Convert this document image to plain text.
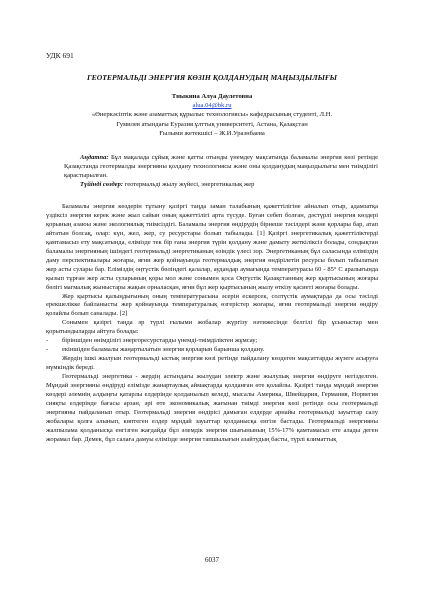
УДК 691
ГЕОТЕРМАЛЬДІ ЭНЕРГИЯ КӨЗІН ҚОЛДАНУДЫҢ МАҢЫЗДЫЛЫҒЫ
Тныкина Алуа Даулетовна
alua.04@bk.ru
«Өнеркәсіптік және азаматтық құрылыс технологиясы» кафедрасының студенті, Л.Н.
Гумилев атындағы Еуразия ұлттық университеті, Астана, Қазақстан
Ғылыми жетекшісі – Ж.И.Уразнбаева
Аңдатпа: Бұл мақалада сұйық және қатты отынды үнемдеу мақсатында баламалы энергия көзі ретінде Қазақстанда геотермалды энергияны қолдану технологиясы және оны қолданудың маңыздылығы мен тиімділігі қарастырылған.
Түйінді сөздер: геотермальді жылу жүйесі, энергетикалық жер

Баламалы энергия көздерін тұтыну қазіргі таңда заман талабының қажеттілігіне айналып отыр, адамзатқа үздіксіз энергия керек және жыл сайын оның қажеттілігі арта түсуде. Буған себеп болған, дәстүрлі энергия көздері қорының азаюы және экологиялық тиімсіздігі. Баламалы энергия өндірудің бірнеше тәсілдері және қорлары бар, атап айтатын болсақ, олар: күн, жел, жер, су ресурстары болып табылады. [1] Қазіргі энергетикалық қажеттіліктерді қамтамасыз ету мақсатында, елімізде тек бір ғана энергия түрін қолдану және дамыту жеткіліксіз болады, сондықтан баламалы энергияның ішіндегі геотермальді энергетиканың өзіндік үлесі зор. Энергетиканың бұл саласында еліміздің даму перспективалары жоғары, яғни жер қойнауында геотермалдық энергия өндірілетін ресурсы болып табылатын жер асты сулары бар. Еліміздің оңтүстік бөліндегі қалалар, аудандар аумағында температурасы 60 - 85° С аралығында қызып тұрған жер асты суларының қоры мол және сонымен қоса Оңтүстік Қазақстанның жер қыртысының жоғары бөлігі магмалық жыныстары жақын орналасқан, яғни бұл жер қыртысының жылу өткізу қасиеті жоғары болады.

Жер қыртысы қалыңдығының оның температурасына әсерін ескерсек, солтүстік аумақтарда да осы тәсілді ерекшелікке байланысты жер қойнауында температуралық өзгерістер жоғары, яғни геотермальді энергия өндіру қолайлы болып саналады. [2]

Сонымен қазіргі таңда әр түрлі ғылыми жобалар жүргізу нәтижесінде белгілі бір ұсыныстар мен қорытындыларды айтуға болады:

- біріншіден өнімділігі энергоресурстарды үнемді-тиімділіктен жұмсау;
- екіншіден баламалы жаңартылатын энергия қорларын барынша қолдану.

Жердің ішкі жылуын геотермальді ыстық энергия көзі ретінде пайдалану көздеген мақсаттарды жүзеге асыруға мүмкіндік береді.

Геотермальді энергетика - жердің астындағы жылудан электр және жылулық энергия өндіруге негізделген. Мұндай энергияны өндіруді елімізде жанартаулық аймақтарда қолданған өте қолайлы. Қазіргі таңда мұндай энергия көздері әлемнің алдыңғы қатарлы елдерінде қолданылып келеді, мысалы Америка, Швейцария, Германия, Норвегия сияқты елдерінде бағасы арзан, әрі өте экономикалық жағынан тиімді энергия көзі ретінде осы геотермальді энергияны пайдаланып отыр. Геотермальді энергия өндірісі дамыған елдерде арнайы геотермальді зауыттар салу жобалары қолға алынып, көптеген елдер мұндай зауыттар қолданысқа енгізе бастады. Геотермальді энергияны жалпылама қолданысқа енгізген жағдайда бұл әлемдік энергия шығынының 15%-17% қамтамасыз ете алады деген жорамал бар. Демек, бұл салаға дамуы елімізде энергия тапшылығын азайтудың басты, түрлі климаттық

6037
